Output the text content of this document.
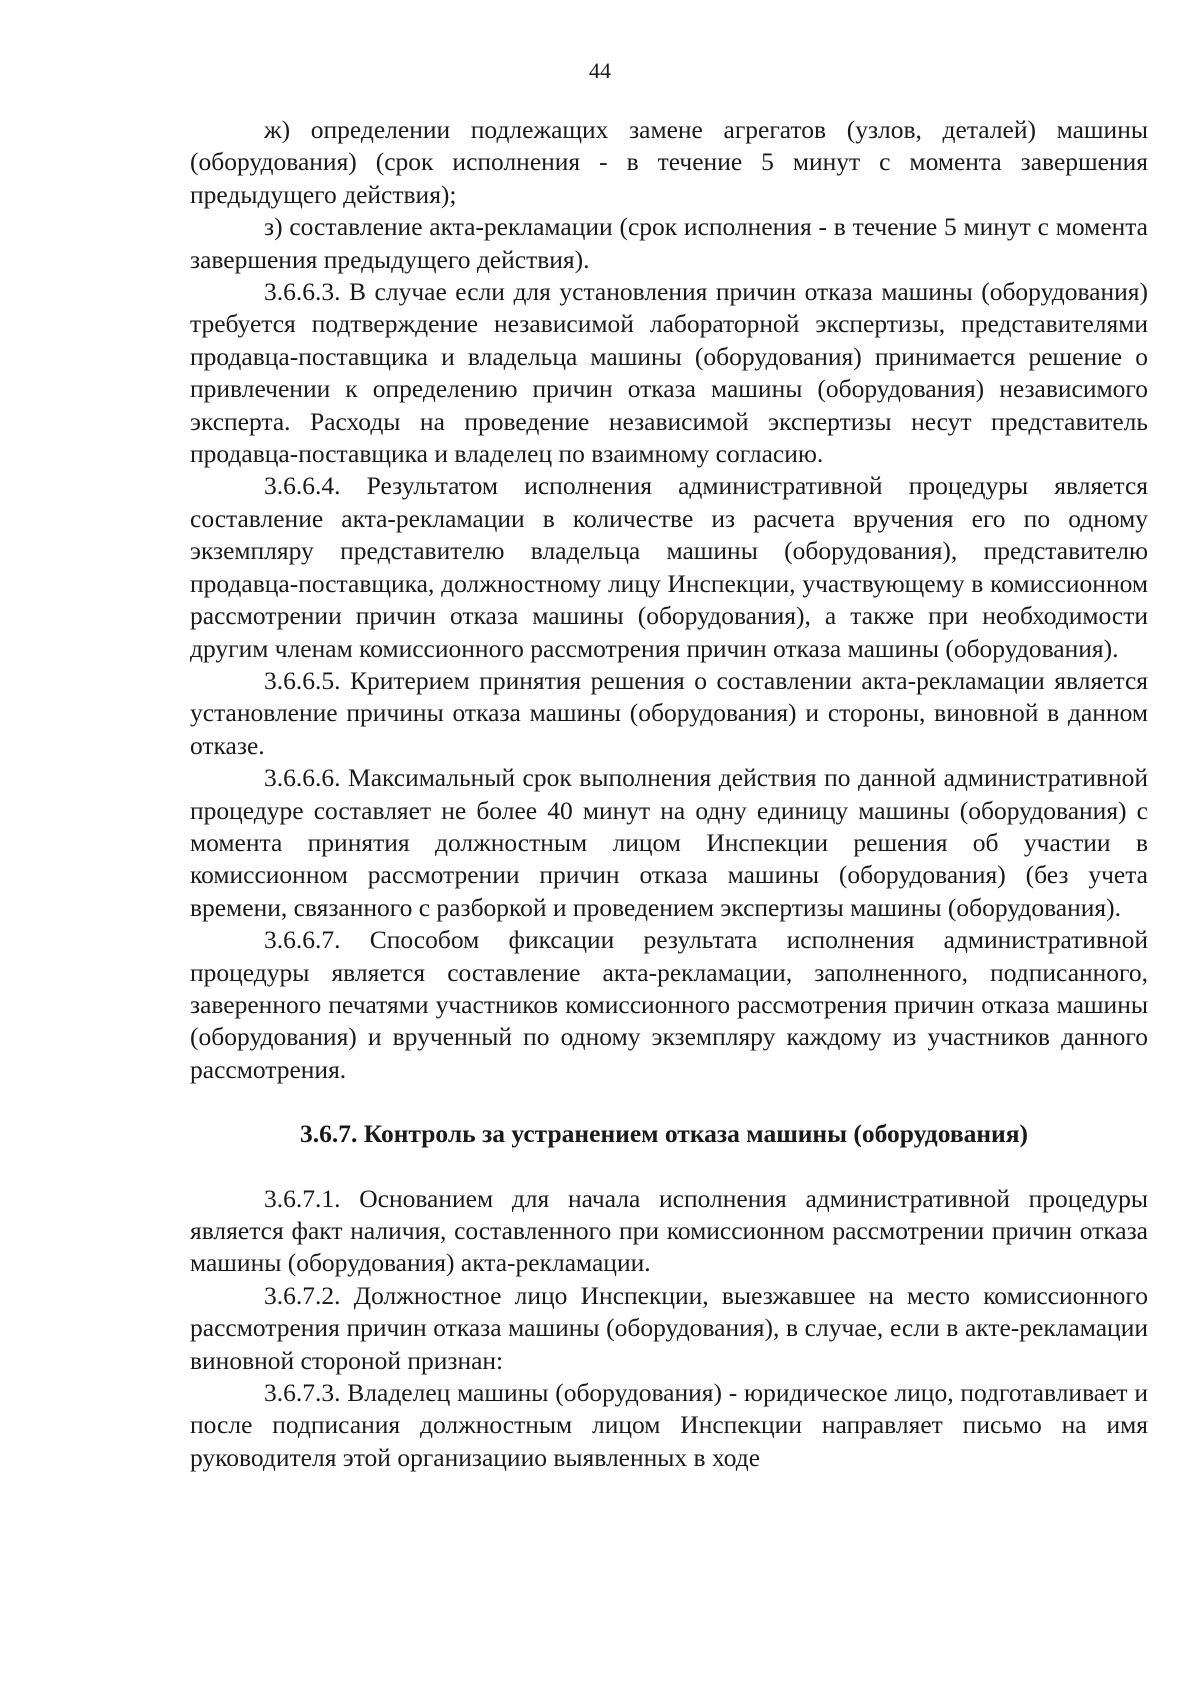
44

ж) определении подлежащих замене агрегатов (узлов, деталей) машины (оборудования) (срок исполнения - в течение 5 минут с момента завершения предыдущего действия);

з) составление акта-рекламации (срок исполнения - в течение 5 минут с момента завершения предыдущего действия).

3.6.6.3. В случае если для установления причин отказа машины (оборудования) требуется подтверждение независимой лабораторной экспертизы, представителями продавца-поставщика и владельца машины (оборудования) принимается решение о привлечении к определению причин отказа машины (оборудования) независимого эксперта. Расходы на проведение независимой экспертизы несут представитель продавца-поставщика и владелец по взаимному согласию.

3.6.6.4. Результатом исполнения административной процедуры является составление акта-рекламации в количестве из расчета вручения его по одному экземпляру представителю владельца машины (оборудования), представителю продавца-поставщика, должностному лицу Инспекции, участвующему в комиссионном рассмотрении причин отказа машины (оборудования), а также при необходимости другим членам комиссионного рассмотрения причин отказа машины (оборудования).

3.6.6.5. Критерием принятия решения о составлении акта-рекламации является установление причины отказа машины (оборудования) и стороны, виновной в данном отказе.

3.6.6.6. Максимальный срок выполнения действия по данной административной процедуре составляет не более 40 минут на одну единицу машины (оборудования) с момента принятия должностным лицом Инспекции решения об участии в комиссионном рассмотрении причин отказа машины (оборудования) (без учета времени, связанного с разборкой и проведением экспертизы машины (оборудования).

3.6.6.7. Способом фиксации результата исполнения административной процедуры является составление акта-рекламации, заполненного, подписанного, заверенного печатями участников комиссионного рассмотрения причин отказа машины (оборудования) и врученный по одному экземпляру каждому из участников данного рассмотрения.

3.6.7. Контроль за устранением отказа машины (оборудования)

3.6.7.1. Основанием для начала исполнения административной процедуры является факт наличия, составленного при комиссионном рассмотрении причин отказа машины (оборудования) акта-рекламации.

3.6.7.2. Должностное лицо Инспекции, выезжавшее на место комиссионного рассмотрения причин отказа машины (оборудования), в случае, если в акте-рекламации виновной стороной признан:

3.6.7.3. Владелец машины (оборудования) - юридическое лицо, подготавливает и после подписания должностным лицом Инспекции направляет письмо на имя руководителя этой организацииo выявленных в ходе
